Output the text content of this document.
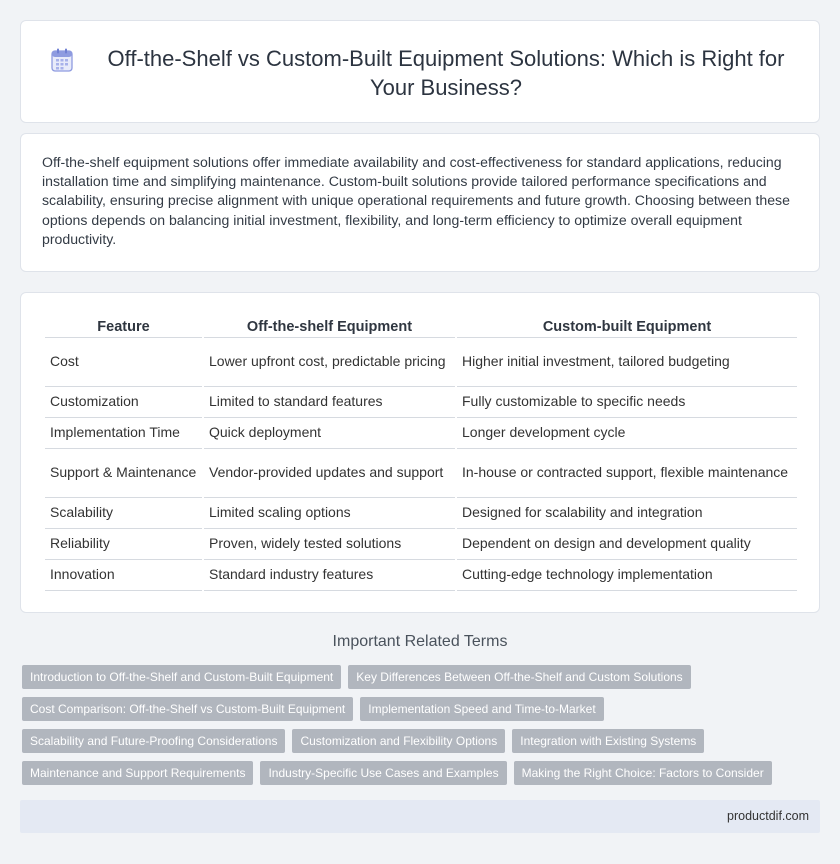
Off-the-Shelf vs Custom-Built Equipment Solutions: Which is Right for Your Business?

Off-the-shelf equipment solutions offer immediate availability and cost-effectiveness for standard applications, reducing installation time and simplifying maintenance. Custom-built solutions provide tailored performance specifications and scalability, ensuring precise alignment with unique operational requirements and future growth. Choosing between these options depends on balancing initial investment, flexibility, and long-term efficiency to optimize overall equipment productivity.

Feature	Off-the-shelf Equipment	Custom-built Equipment
Cost	Lower upfront cost, predictable pricing	Higher initial investment, tailored budgeting
Customization	Limited to standard features	Fully customizable to specific needs
Implementation Time	Quick deployment	Longer development cycle
Support & Maintenance	Vendor-provided updates and support	In-house or contracted support, flexible maintenance
Scalability	Limited scaling options	Designed for scalability and integration
Reliability	Proven, widely tested solutions	Dependent on design and development quality
Innovation	Standard industry features	Cutting-edge technology implementation
Important Related Terms
Introduction to Off-the-Shelf and Custom-Built Equipment	Key Differences Between Off-the-Shelf and Custom Solutions
Cost Comparison: Off-the-Shelf vs Custom-Built Equipment	Implementation Speed and Time-to-Market
Scalability and Future-Proofing Considerations	Customization and Flexibility Options	Integration with Existing Systems
Maintenance and Support Requirements	Industry-Specific Use Cases and Examples	Making the Right Choice: Factors to Consider
productdif.com
